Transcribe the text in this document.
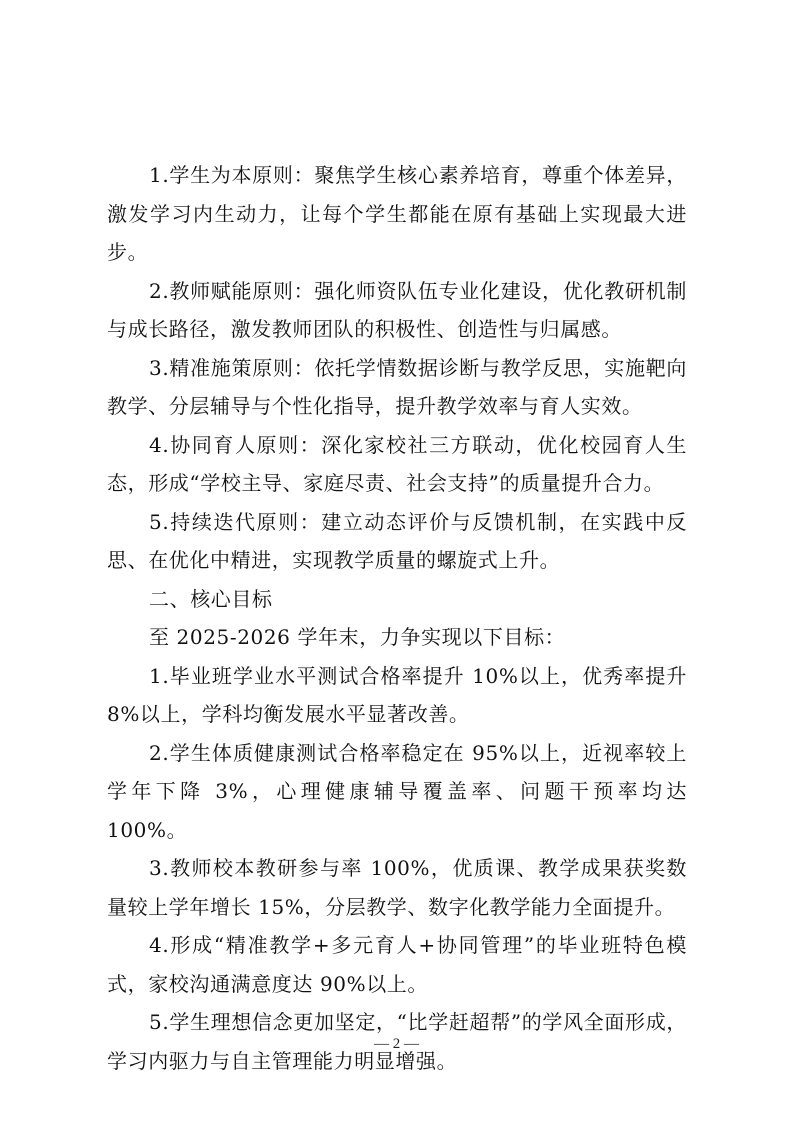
1.学生为本原则：聚焦学生核心素养培育，尊重个体差异，激发学习内生动力，让每个学生都能在原有基础上实现最大进步。

2.教师赋能原则：强化师资队伍专业化建设，优化教研机制与成长路径，激发教师团队的积极性、创造性与归属感。

3.精准施策原则：依托学情数据诊断与教学反思，实施靶向教学、分层辅导与个性化指导，提升教学效率与育人实效。

4.协同育人原则：深化家校社三方联动，优化校园育人生态，形成“学校主导、家庭尽责、社会支持”的质量提升合力。

5.持续迭代原则：建立动态评价与反馈机制，在实践中反思、在优化中精进，实现教学质量的螺旋式上升。

二、核心目标

至 2025-2026 学年末，力争实现以下目标：

1.毕业班学业水平测试合格率提升 10%以上，优秀率提升8%以上，学科均衡发展水平显著改善。

2.学生体质健康测试合格率稳定在 95%以上，近视率较上学年下降 3%，心理健康辅导覆盖率、问题干预率均达 100%。

3.教师校本教研参与率 100%，优质课、教学成果获奖数量较上学年增长 15%，分层教学、数字化教学能力全面提升。

4.形成“精准教学+多元育人+协同管理”的毕业班特色模式，家校沟通满意度达 90%以上。

5.学生理想信念更加坚定，“比学赶超帮”的学风全面形成，学习内驱力与自主管理能力明显增强。

— 2 —
